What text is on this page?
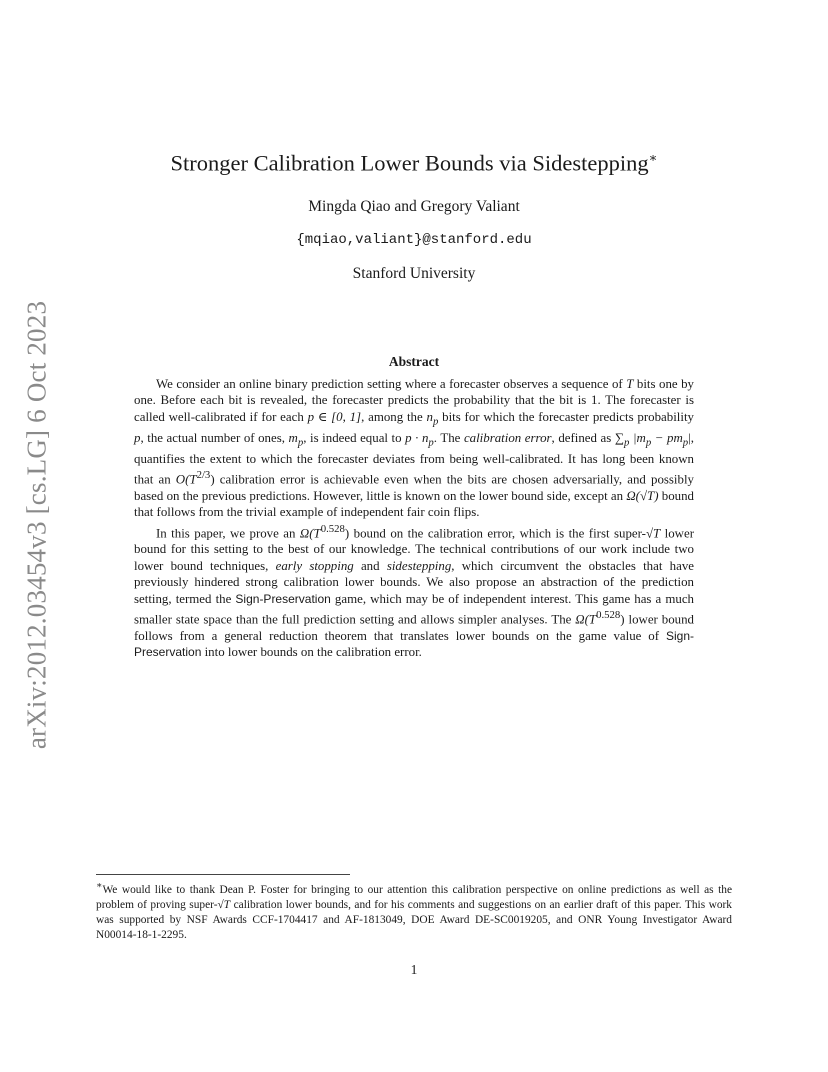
arXiv:2012.03454v3 [cs.LG] 6 Oct 2023
Stronger Calibration Lower Bounds via Sidestepping∗
Mingda Qiao and Gregory Valiant
{mqiao,valiant}@stanford.edu
Stanford University
Abstract

We consider an online binary prediction setting where a forecaster observes a sequence of T bits one by one. Before each bit is revealed, the forecaster predicts the probability that the bit is 1. The forecaster is called well-calibrated if for each p ∈ [0, 1], among the $n_p$ bits for which the forecaster predicts probability p, the actual number of ones, $m_p$, is indeed equal to $p \cdot n_p$. The calibration error, defined as $\sum_p$ $|m_p - pm_p|$, quantifies the extent to which the forecaster deviates from being well-calibrated. It has long been known that an $O(T^{2/3})$ calibration error is achievable even when the bits are chosen adversarially, and possibly based on the previous predictions. However, little is known on the lower bound side, except an Ω(√T) bound that follows from the trivial example of independent fair coin flips.

In this paper, we prove an $\Omega(T^{0.528})$ bound on the calibration error, which is the first super-√T lower bound for this setting to the best of our knowledge. The technical contributions of our work include two lower bound techniques, early stopping and sidestepping, which circumvent the obstacles that have previously hindered strong calibration lower bounds. We also propose an abstraction of the prediction setting, termed the Sign-Preservation game, which may be of independent interest. This game has a much smaller state space than the full prediction setting and allows simpler analyses. The $\Omega(T^{0.528})$ lower bound follows from a general reduction theorem that translates lower bounds on the game value of Sign-Preservation into lower bounds on the calibration error.

∗We would like to thank Dean P. Foster for bringing to our attention this calibration perspective on online predictions as well as the problem of proving super-√T calibration lower bounds, and for his comments and suggestions on an earlier draft of this paper. This work was supported by NSF Awards CCF-1704417 and AF-1813049, DOE Award DE-SC0019205, and ONR Young Investigator Award N00014-18-1-2295.
1
